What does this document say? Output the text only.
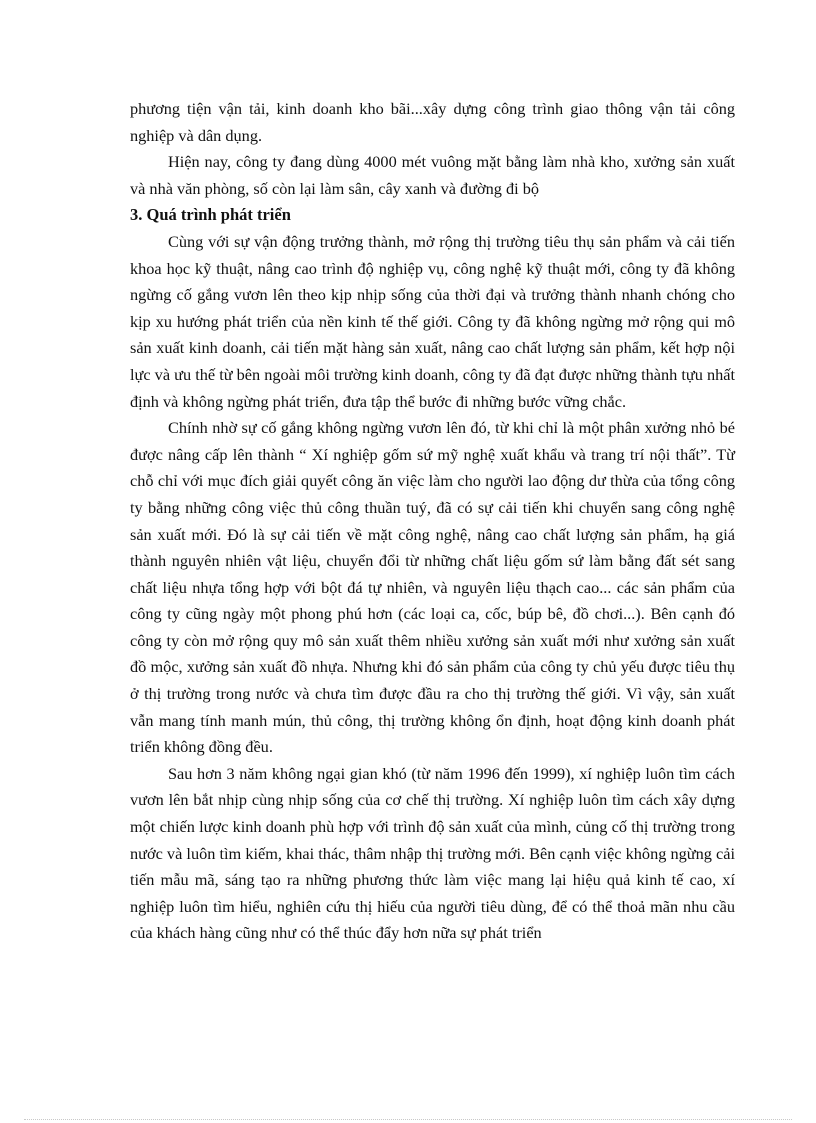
phương tiện vận tải, kinh doanh kho bãi...xây dựng công trình giao thông vận tải công nghiệp và dân dụng.

Hiện nay, công ty đang dùng 4000 mét vuông mặt bằng làm nhà kho, xưởng sản xuất và nhà văn phòng, số còn lại làm sân, cây xanh và đường đi bộ

3. Quá trình phát triển

Cùng với sự vận động trưởng thành, mở rộng thị trường tiêu thụ sản phẩm và cải tiến khoa học kỹ thuật, nâng cao trình độ nghiệp vụ, công nghệ kỹ thuật mới, công ty đã không ngừng cố gắng vươn lên theo kịp nhịp sống của thời đại và trưởng thành nhanh chóng cho kịp xu hướng phát triển của nền kinh tế thế giới. Công ty đã không ngừng mở rộng qui mô sản xuất kinh doanh, cải tiến mặt hàng sản xuất, nâng cao chất lượng sản phẩm, kết hợp nội lực và ưu thế từ bên ngoài môi trường kinh doanh, công ty đã đạt được những thành tựu nhất định và không ngừng phát triển, đưa tập thể bước đi những bước vững chắc.

Chính nhờ sự cố gắng không ngừng vươn lên đó, từ khi chỉ là một phân xưởng nhỏ bé được nâng cấp lên thành “ Xí nghiệp gốm sứ mỹ nghệ xuất khẩu và trang trí nội thất”. Từ chỗ chỉ với mục đích giải quyết công ăn việc làm cho người lao động dư thừa của tổng công ty bằng những công việc thủ công thuần tuý, đã có sự cải tiến khi chuyển sang công nghệ sản xuất mới. Đó là sự cải tiến về mặt công nghệ, nâng cao chất lượng sản phẩm, hạ giá thành nguyên nhiên vật liệu, chuyển đổi từ những chất liệu gốm sứ làm bằng đất sét sang chất liệu nhựa tổng hợp với bột đá tự nhiên, và nguyên liệu thạch cao... các sản phẩm của công ty cũng ngày một phong phú hơn (các loại ca, cốc, búp bê, đồ chơi...). Bên cạnh đó công ty còn mở rộng quy mô sản xuất thêm nhiều xưởng sản xuất mới như xưởng sản xuất đồ mộc, xưởng sản xuất đồ nhựa. Nhưng khi đó sản phẩm của công ty chủ yếu được tiêu thụ ở thị trường trong nước và chưa tìm được đầu ra cho thị trường thế giới. Vì vậy, sản xuất vẫn mang tính manh mún, thủ công, thị trường không ổn định, hoạt động kinh doanh phát triển không đồng đều.

Sau hơn 3 năm không ngại gian khó (từ năm 1996 đến 1999), xí nghiệp luôn tìm cách vươn lên bắt nhịp cùng nhịp sống của cơ chế thị trường. Xí nghiệp luôn tìm cách xây dựng một chiến lược kinh doanh phù hợp với trình độ sản xuất của mình, củng cố thị trường trong nước và luôn tìm kiếm, khai thác, thâm nhập thị trường mới. Bên cạnh việc không ngừng cải tiến mẫu mã, sáng tạo ra những phương thức làm việc mang lại hiệu quả kinh tế cao, xí nghiệp luôn tìm hiểu, nghiên cứu thị hiếu của người tiêu dùng, để có thể thoả mãn nhu cầu của khách hàng cũng như có thể thúc đẩy hơn nữa sự phát triển
